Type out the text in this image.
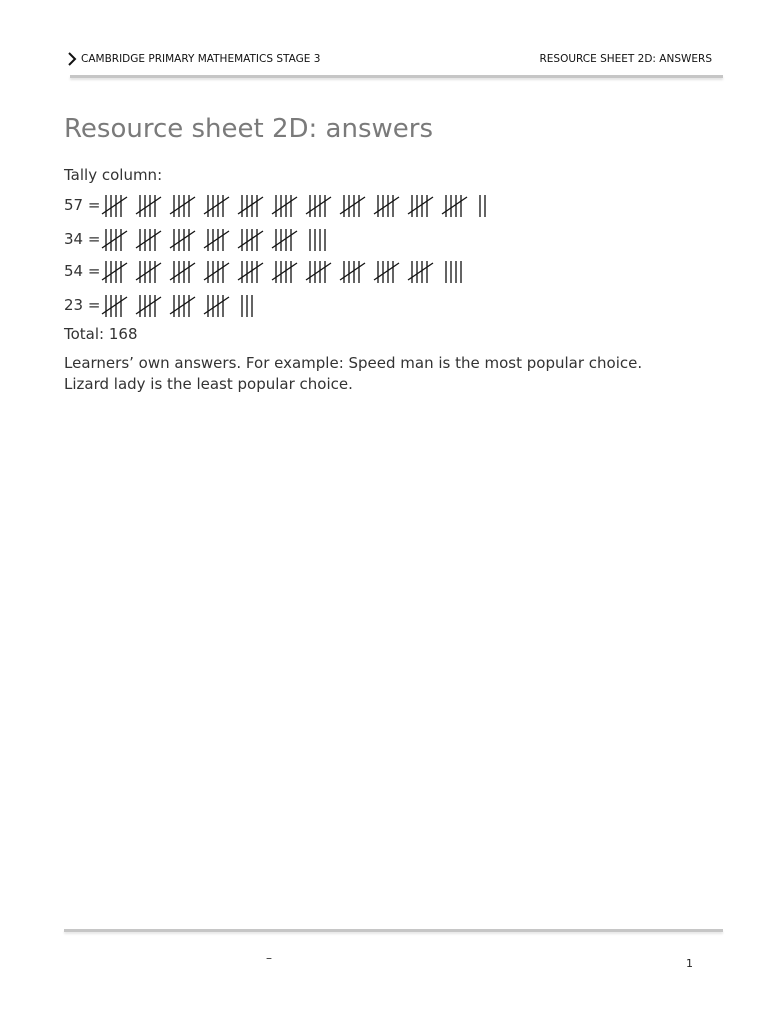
CAMBRIDGE PRIMARY MATHEMATICS STAGE 3	RESOURCE SHEET 2D: ANSWERS
Resource sheet 2D: answers
Tally column:
57 =
34 =
54 =
23 =
Total: 168

Learners’ own answers. For example: Speed man is the most popular choice.
Lizard lady is the least popular choice.

–	1
